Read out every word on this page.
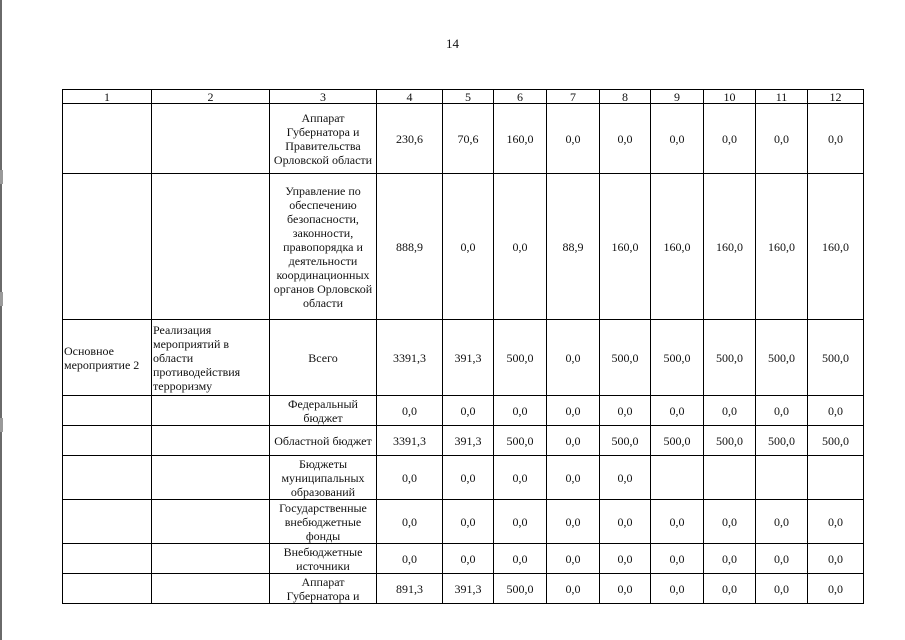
14
1	2	3	4	5	6	7	8	9	10	11	12
		Аппарат Губернатора и Правительства Орловской области	230,6	70,6	160,0	0,0	0,0	0,0	0,0	0,0	0,0
		Управление по обеспечению безопасности, законности, правопорядка и деятельности координационных органов Орловской области	888,9	0,0	0,0	88,9	160,0	160,0	160,0	160,0	160,0
Основное мероприятие 2	Реализация мероприятий в области противодействия терроризму	Всего	3391,3	391,3	500,0	0,0	500,0	500,0	500,0	500,0	500,0
		Федеральный бюджет	0,0	0,0	0,0	0,0	0,0	0,0	0,0	0,0	0,0
		Областной бюджет	3391,3	391,3	500,0	0,0	500,0	500,0	500,0	500,0	500,0
		Бюджеты муниципальных образований	0,0	0,0	0,0	0,0	0,0				
		Государственные внебюджетные фонды	0,0	0,0	0,0	0,0	0,0	0,0	0,0	0,0	0,0
		Внебюджетные источники	0,0	0,0	0,0	0,0	0,0	0,0	0,0	0,0	0,0
		Аппарат Губернатора и	891,3	391,3	500,0	0,0	0,0	0,0	0,0	0,0	0,0
